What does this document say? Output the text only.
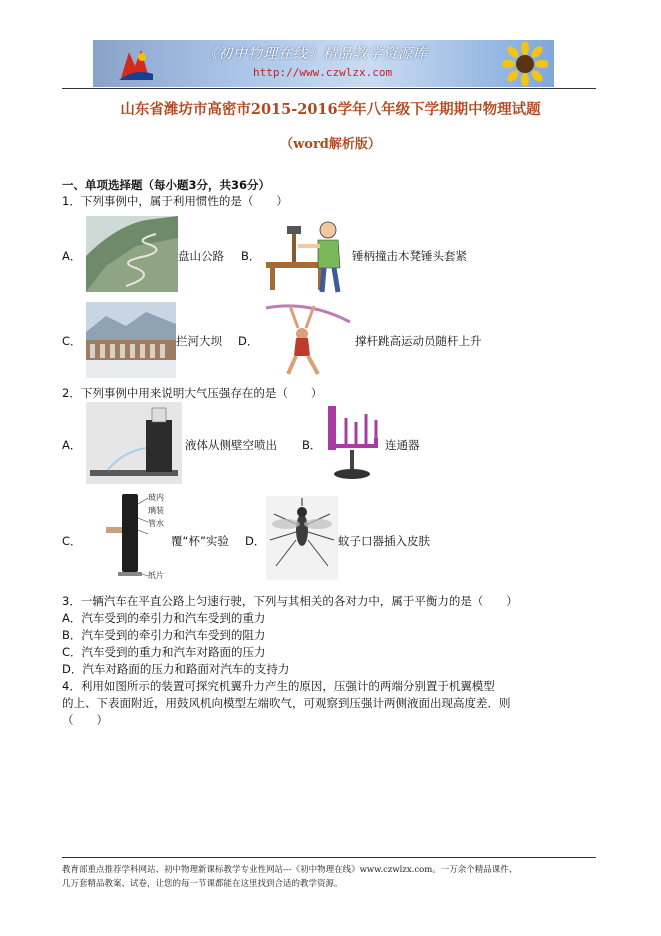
《初中物理在线》精品教学资源库
http://www.czwlzx.com
山东省潍坊市高密市2015-2016学年八年级下学期期中物理试题
（word解析版）
一、单项选择题（每小题3分，共36分）
1．下列事例中，属于利用惯性的是（　　）
A．	盘山公路 B．	锤柄撞击木凳锤头套紧
C．	拦河大坝 D．	撑杆跳高运动员随杆上升
2．下列事例中用来说明大气压强存在的是（　　）
A．	液体从侧壁空喷出 B．	连通器
C．
玻内
璃装
管水
纸片
覆“杯”实验 D．	蚊子口器插入皮肤
3．一辆汽车在平直公路上匀速行驶，下列与其相关的各对力中，属于平衡力的是（　　）
A．汽车受到的牵引力和汽车受到的重力
B．汽车受到的牵引力和汽车受到的阻力
C．汽车受到的重力和汽车对路面的压力
D．汽车对路面的压力和路面对汽车的支持力
4．利用如图所示的装置可探究机翼升力产生的原因，压强计的两端分别置于机翼模型
的上、下表面附近，用鼓风机向模型左端吹气，可观察到压强计两侧液面出现高度差．则
（　　）
教育部重点推荐学科网站、初中物理新课标教学专业性网站---《初中物理在线》www.czwlzx.com。一万余个精品课件、
几万套精品教案、试卷，让您的每一节课都能在这里找到合适的教学资源。
